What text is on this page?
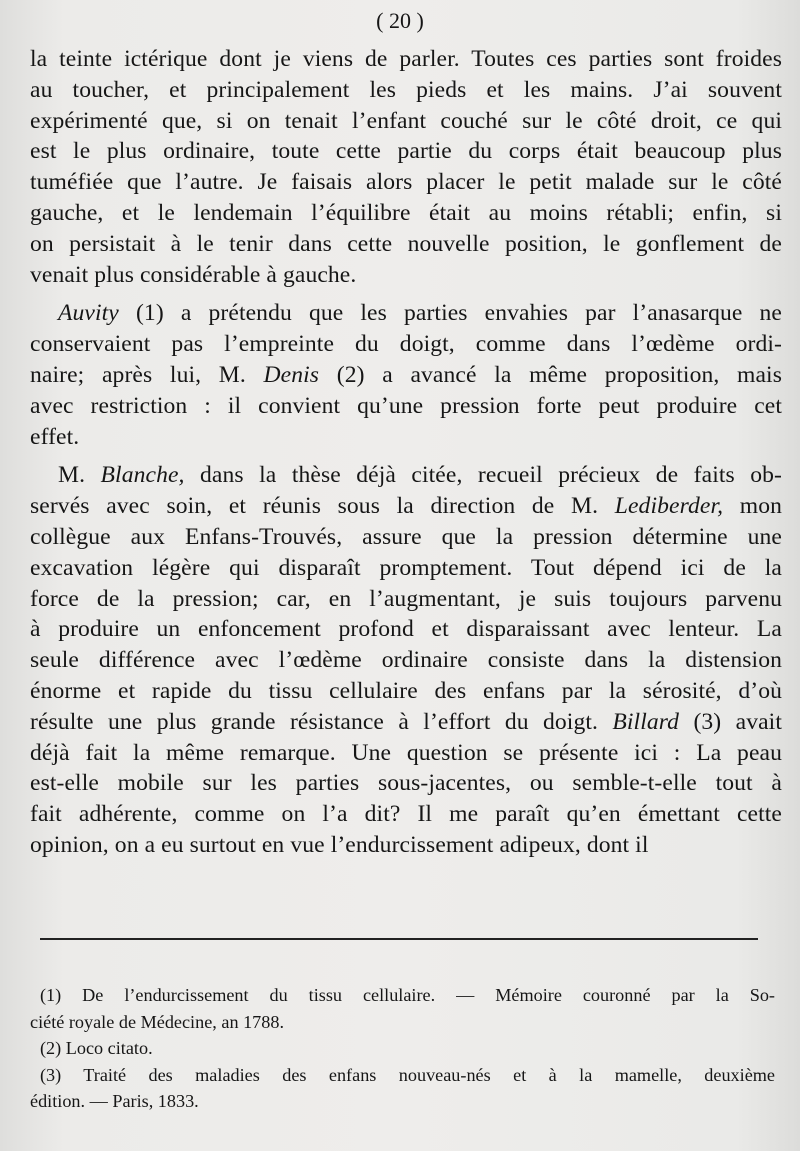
( 20 )
la teinte ictérique dont je viens de parler. Toutes ces parties sont froides
au toucher, et principalement les pieds et les mains. J’ai souvent
expérimenté que, si on tenait l’enfant couché sur le côté droit, ce qui
est le plus ordinaire, toute cette partie du corps était beaucoup plus
tuméfiée que l’autre. Je faisais alors placer le petit malade sur le côté
gauche, et le lendemain l’équilibre était au moins rétabli; enfin, si
on persistait à le tenir dans cette nouvelle position, le gonflement de
venait plus considérable à gauche.
Auvity (1) a prétendu que les parties envahies par l’anasarque ne
conservaient pas l’empreinte du doigt, comme dans l’œdème ordi-
naire; après lui, M. Denis (2) a avancé la même proposition, mais
avec restriction : il convient qu’une pression forte peut produire cet
effet.
M. Blanche, dans la thèse déjà citée, recueil précieux de faits ob-
servés avec soin, et réunis sous la direction de M. Lediberder, mon
collègue aux Enfans-Trouvés, assure que la pression détermine une
excavation légère qui disparaît promptement. Tout dépend ici de la
force de la pression; car, en l’augmentant, je suis toujours parvenu
à produire un enfoncement profond et disparaissant avec lenteur. La
seule différence avec l’œdème ordinaire consiste dans la distension
énorme et rapide du tissu cellulaire des enfans par la sérosité, d’où
résulte une plus grande résistance à l’effort du doigt. Billard (3) avait
déjà fait la même remarque. Une question se présente ici : La peau
est-elle mobile sur les parties sous-jacentes, ou semble-t-elle tout à
fait adhérente, comme on l’a dit? Il me paraît qu’en émettant cette
opinion, on a eu surtout en vue l’endurcissement adipeux, dont il
(1) De l’endurcissement du tissu cellulaire. — Mémoire couronné par la So-
ciété royale de Médecine, an 1788.
(2) Loco citato.
(3) Traité des maladies des enfans nouveau-nés et à la mamelle, deuxième
édition. — Paris, 1833.
